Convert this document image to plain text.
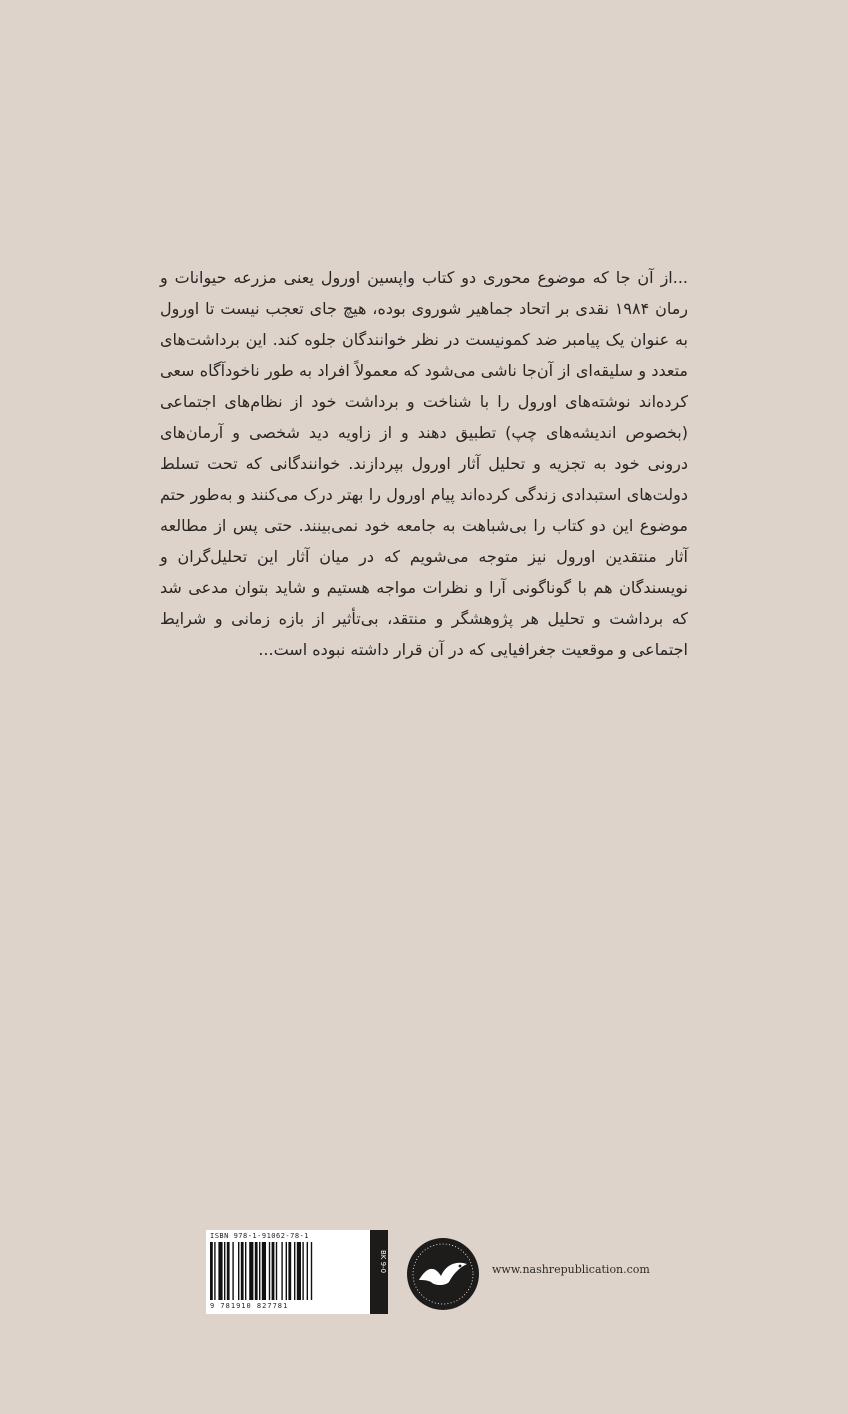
...از آن جا که موضوع محوری دو کتاب واپسین اورول یعنی مزرعه حیوانات و رمان ۱۹۸۴ نقدی بر اتحاد جماهیر شوروی بوده، هیچ جای تعجب نیست تا اورول به عنوان یک پیامبر ضد کمونیست در نظر خوانندگان جلوه کند. این برداشت‌های متعدد و سلیقه‌ای از آن‌جا ناشی می‌شود که معمولاً افراد به طور ناخودآگاه سعی کرده‌اند نوشته‌های اورول را با شناخت و برداشت خود از نظام‌های اجتماعی (بخصوص اندیشه‌های چپ) تطبیق دهند و از زاویه دید شخصی و آرمان‌های درونی خود به تجزیه و تحلیل آثار اورول بپردازند. خوانندگانی که تحت تسلط دولت‌های استبدادی زندگی کرده‌اند پیام اورول را بهتر درک می‌کنند و به‌طور حتم موضوع این دو کتاب را بی‌شباهت به جامعه خود نمی‌بینند. حتی پس از مطالعه آثار منتقدین اورول نیز متوجه می‌شویم که در میان آثار این تحلیل‌گران و نویسندگان هم با گوناگونی آرا و نظرات مواجه هستیم و شاید بتوان مدعی شد که برداشت و تحلیل هر پژوهشگر و منتقد، بی‌تأثیر از بازه زمانی و شرایط اجتماعی و موقعیت جغرافیایی که در آن قرار داشته نبوده است...

ISBN 978-1-91062-78-1
9 781910 827781
BK 9-0	www.nashrepublication.com
